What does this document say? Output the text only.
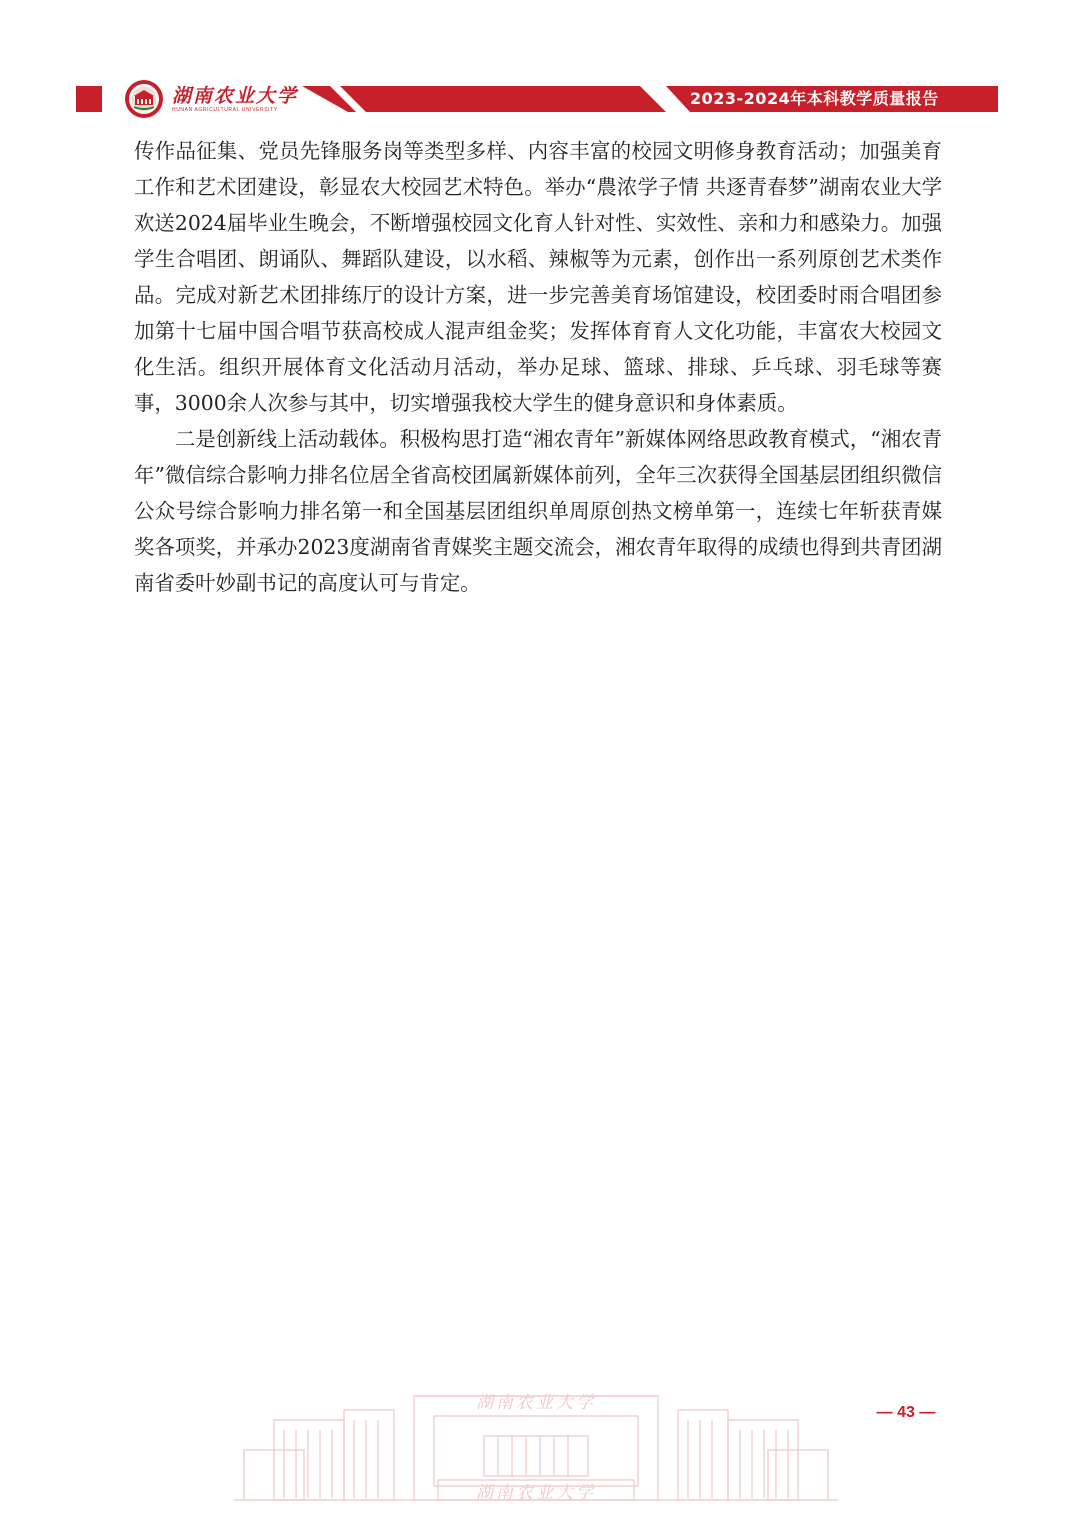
湖南农业大学
HUNAN AGRICULTURAL UNIVERSITY
2023-2024年本科教学质量报告

传作品征集、党员先锋服务岗等类型多样、内容丰富的校园文明修身教育活动；加强美育工作和艺术团建设，彰显农大校园艺术特色。举办“農浓学子情 共逐青春梦”湖南农业大学欢送2024届毕业生晚会，不断增强校园文化育人针对性、实效性、亲和力和感染力。加强学生合唱团、朗诵队、舞蹈队建设，以水稻、辣椒等为元素，创作出一系列原创艺术类作品。完成对新艺术团排练厅的设计方案，进一步完善美育场馆建设，校团委时雨合唱团参加第十七届中国合唱节获高校成人混声组金奖；发挥体育育人文化功能，丰富农大校园文化生活。组织开展体育文化活动月活动，举办足球、篮球、排球、乒乓球、羽毛球等赛事，3000余人次参与其中，切实增强我校大学生的健身意识和身体素质。

二是创新线上活动载体。积极构思打造“湘农青年”新媒体网络思政教育模式，“湘农青年”微信综合影响力排名位居全省高校团属新媒体前列，全年三次获得全国基层团组织微信公众号综合影响力排名第一和全国基层团组织单周原创热文榜单第一，连续七年斩获青媒奖各项奖，并承办2023度湖南省青媒奖主题交流会，湘农青年取得的成绩也得到共青团湖南省委叶妙副书记的高度认可与肯定。

湖南农业大学
湖南农业大学
— 43 —
